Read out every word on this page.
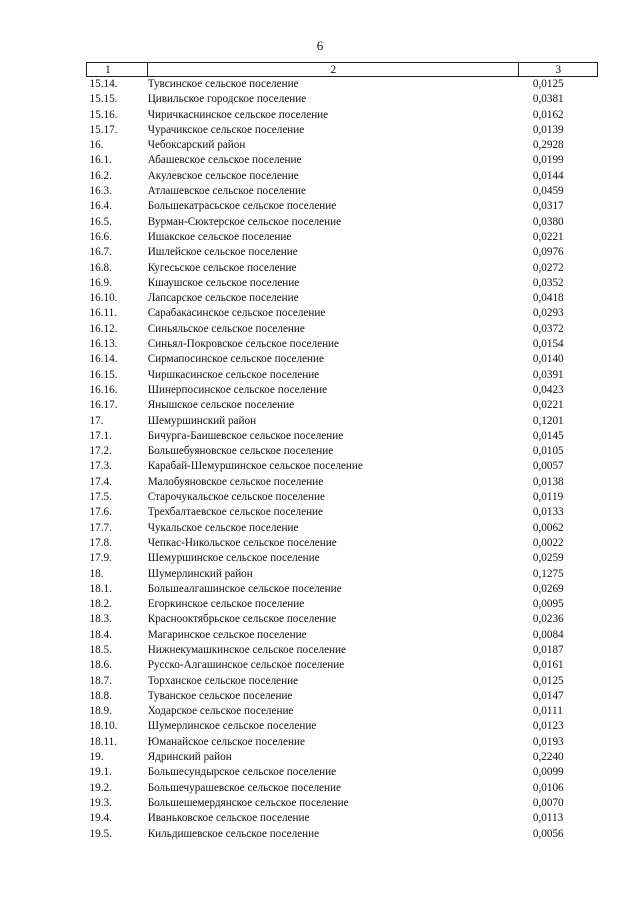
6
1	2	3
15.14.	Тувсинское сельское поселение	0,0125
15.15.	Цивильское городское поселение	0,0381
15.16.	Чиричкаснинское сельское поселение	0,0162
15.17.	Чурачикское сельское поселение	0,0139
16.	Чебоксарский район	0,2928
16.1.	Абашевское сельское поселение	0,0199
16.2.	Акулевское сельское поселение	0,0144
16.3.	Атлашевское сельское поселение	0,0459
16.4.	Большекатрасьское сельское поселение	0,0317
16.5.	Вурман-Сюктерское сельское поселение	0,0380
16.6.	Ишакское сельское поселение	0,0221
16.7.	Ишлейское сельское поселение	0,0976
16.8.	Кугесьское сельское поселение	0,0272
16.9.	Кшаушское сельское поселение	0,0352
16.10.	Лапсарское сельское поселение	0,0418
16.11.	Сарабакасинское сельское поселение	0,0293
16.12.	Синьяльское сельское поселение	0,0372
16.13.	Синьял-Покровское сельское поселение	0,0154
16.14.	Сирмапосинское сельское поселение	0,0140
16.15.	Чиршкасинское сельское поселение	0,0391
16.16.	Шинерпосинское сельское поселение	0,0423
16.17.	Янышское сельское поселение	0,0221
17.	Шемуршинский район	0,1201
17.1.	Бичурга-Баишевское сельское поселение	0,0145
17.2.	Большебуяновское сельское поселение	0,0105
17.3.	Карабай-Шемуршинское сельское поселение	0,0057
17.4.	Малобуяновское сельское поселение	0,0138
17.5.	Старочукальское сельское поселение	0,0119
17.6.	Трехбалтаевское сельское поселение	0,0133
17.7.	Чукальское сельское поселение	0,0062
17.8.	Чепкас-Никольское сельское поселение	0,0022
17.9.	Шемуршинское сельское поселение	0,0259
18.	Шумерлинский район	0,1275
18.1.	Большеалгашинское сельское поселение	0,0269
18.2.	Егоркинское сельское поселение	0,0095
18.3.	Краснооктябрьское сельское поселение	0,0236
18.4.	Магаринское сельское поселение	0,0084
18.5.	Нижнекумашкинское сельское поселение	0,0187
18.6.	Русско-Алгашинское сельское поселение	0,0161
18.7.	Торханское сельское поселение	0,0125
18.8.	Туванское сельское поселение	0,0147
18.9.	Ходарское сельское поселение	0,0111
18.10.	Шумерлинское сельское поселение	0,0123
18.11.	Юманайское сельское поселение	0,0193
19.	Ядринский район	0,2240
19.1.	Большесундырское сельское поселение	0,0099
19.2.	Большечурашевское сельское поселение	0,0106
19.3.	Большешемердянское сельское поселение	0,0070
19.4.	Иваньковское сельское поселение	0,0113
19.5.	Кильдишевское сельское поселение	0,0056
